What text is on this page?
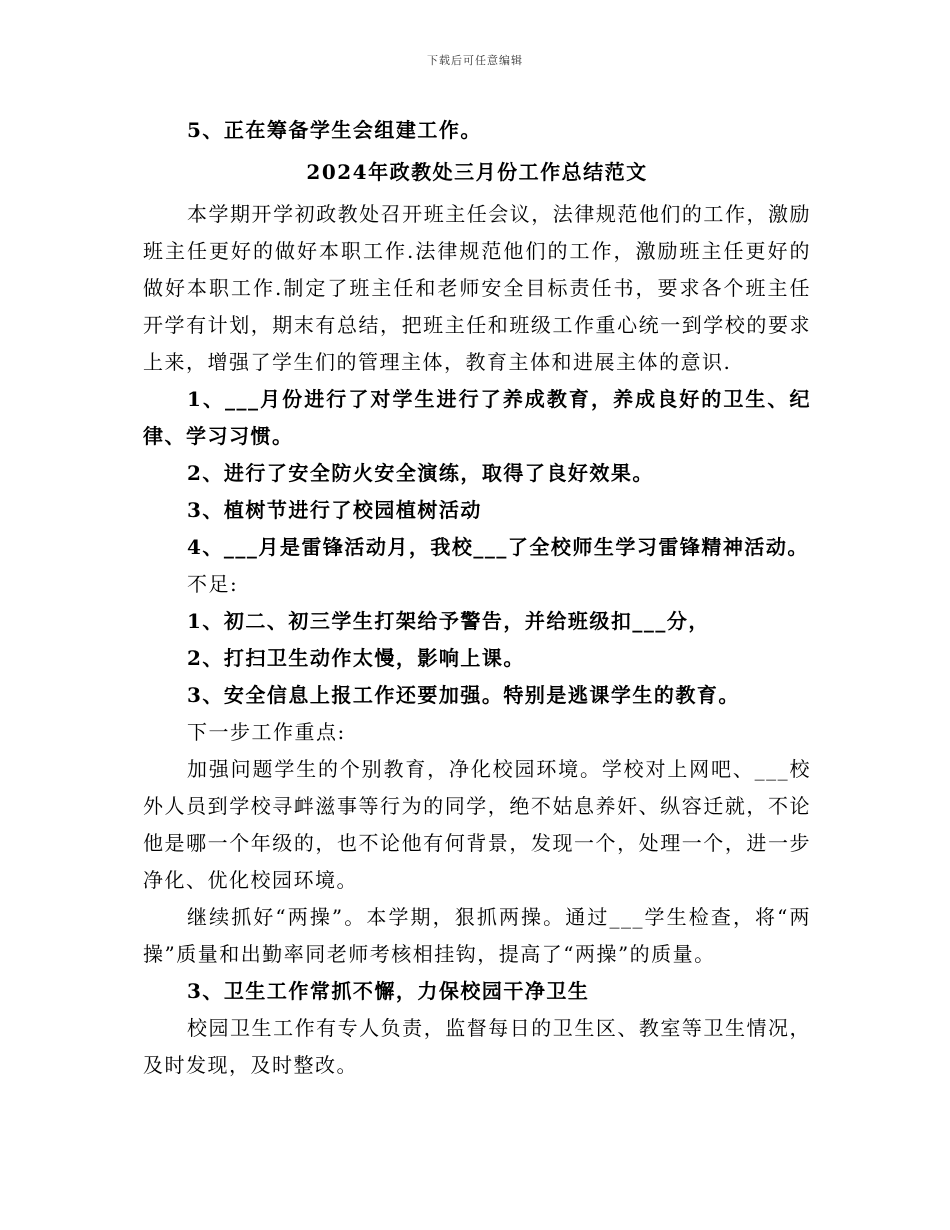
下载后可任意编辑

5、正在筹备学生会组建工作。

2024年政教处三月份工作总结范文

本学期开学初政教处召开班主任会议，法律规范他们的工作，激励班主任更好的做好本职工作.法律规范他们的工作，激励班主任更好的做好本职工作.制定了班主任和老师安全目标责任书，要求各个班主任开学有计划，期末有总结，把班主任和班级工作重心统一到学校的要求上来，增强了学生们的管理主体，教育主体和进展主体的意识.

1、___月份进行了对学生进行了养成教育，养成良好的卫生、纪律、学习习惯。

2、进行了安全防火安全演练，取得了良好效果。

3、植树节进行了校园植树活动

4、___月是雷锋活动月，我校___了全校师生学习雷锋精神活动。

不足:

1、初二、初三学生打架给予警告，并给班级扣___分，

2、打扫卫生动作太慢，影响上课。

3、安全信息上报工作还要加强。特别是逃课学生的教育。

下一步工作重点:

加强问题学生的个别教育，净化校园环境。学校对上网吧、___校外人员到学校寻衅滋事等行为的同学，绝不姑息养奸、纵容迁就，不论他是哪一个年级的，也不论他有何背景，发现一个，处理一个，进一步净化、优化校园环境。

继续抓好“两操”。本学期，狠抓两操。通过___学生检查，将“两操”质量和出勤率同老师考核相挂钩，提高了“两操”的质量。

3、卫生工作常抓不懈，力保校园干净卫生

校园卫生工作有专人负责，监督每日的卫生区、教室等卫生情况，及时发现，及时整改。
